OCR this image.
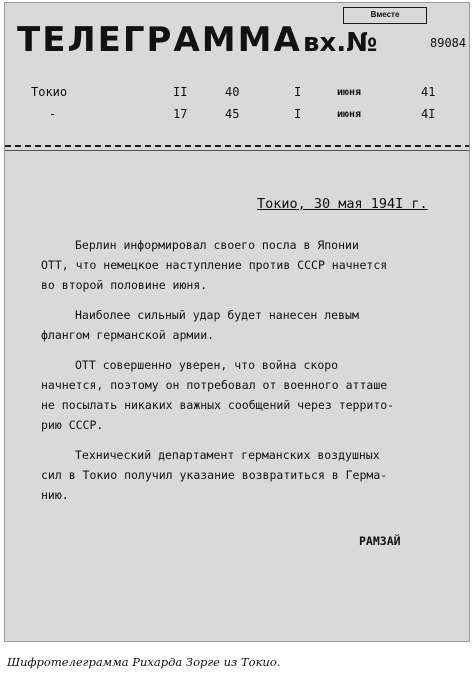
Вместе
ТЕЛЕГРАММА вх.№	89084
Токио	II	40	I	июня	41
-	17	45	I	июня	4I
Токио, 30 мая 194I г.

Берлин информировал своего посла в Японии
ОТТ, что немецкое наступление против СССР начнется
во второй половине июня.

Наиболее сильный удар будет нанесен левым
флангом германской армии.

ОТТ совершенно уверен, что война скоро
начнется, поэтому он потребовал от военного атташе
не посылать никаких важных сообщений через террито-
рию СССР.

Технический департамент германских воздушных
сил в Токио получил указание возвратиться в Герма-
нию.

РАМЗАЙ
Шифротелеграмма Рихарда Зорге из Токио.
